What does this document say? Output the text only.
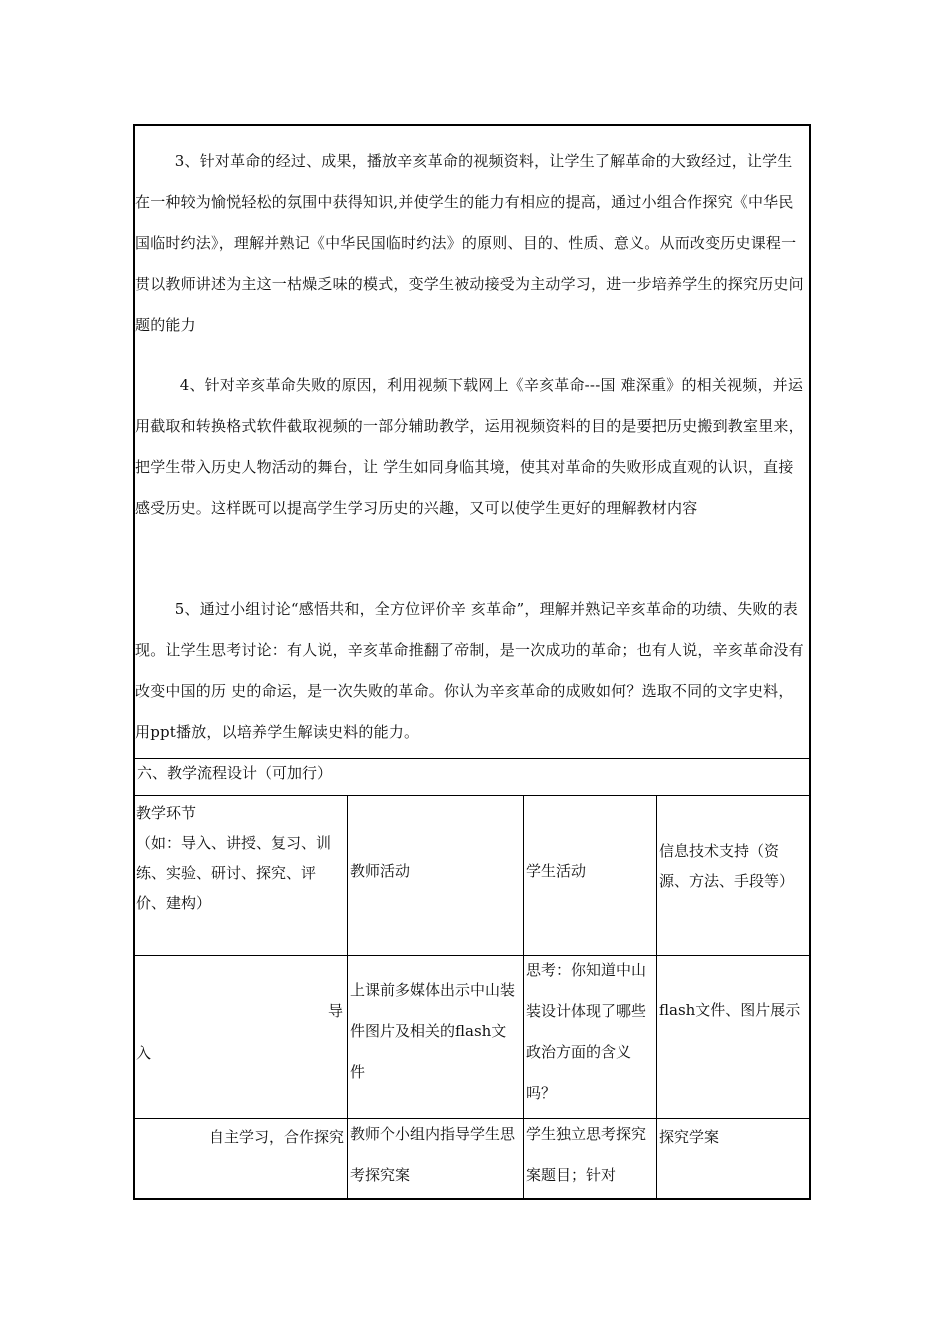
3、针对革命的经过、成果，播放辛亥革命的视频资料，让学生了解革命的大致经过，让学生在一种较为愉悦轻松的氛围中获得知识,并使学生的能力有相应的提高，通过小组合作探究《中华民国临时约法》，理解并熟记《中华民国临时约法》的原则、目的、性质、意义。从而改变历史课程一贯以教师讲述为主这一枯燥乏味的模式，变学生被动接受为主动学习，进一步培养学生的探究历史问题的能力

4、针对辛亥革命失败的原因，利用视频下载网上《辛亥革命---国 难深重》的相关视频，并运用截取和转换格式软件截取视频的一部分辅助教学，运用视频资料的目的是要把历史搬到教室里来，把学生带入历史人物活动的舞台，让 学生如同身临其境，使其对革命的失败形成直观的认识，直接感受历史。这样既可以提高学生学习历史的兴趣，又可以使学生更好的理解教材内容

5、通过小组讨论“感悟共和，全方位评价辛 亥革命”，理解并熟记辛亥革命的功绩、失败的表现。让学生思考讨论：有人说，辛亥革命推翻了帝制，是一次成功的革命；也有人说，辛亥革命没有改变中国的历 史的命运，是一次失败的革命。你认为辛亥革命的成败如何？选取不同的文字史料，用ppt播放，以培养学生解读史料的能力。

六、教学流程设计（可加行）

教学环节
（如：导入、讲授、复习、训练、实验、研讨、探究、评价、建构）

教师活动	学生活动

信息技术支持（资源、方法、手段等）

导

入

上课前多媒体出示中山装件图片及相关的flash文件

思考：你知道中山装设计体现了哪些政治方面的含义吗？

flash文件、图片展示

自主学习，合作探究 教师个小组内指导学生思考探究案

学生独立思考探究案题目；针对

探究学案
